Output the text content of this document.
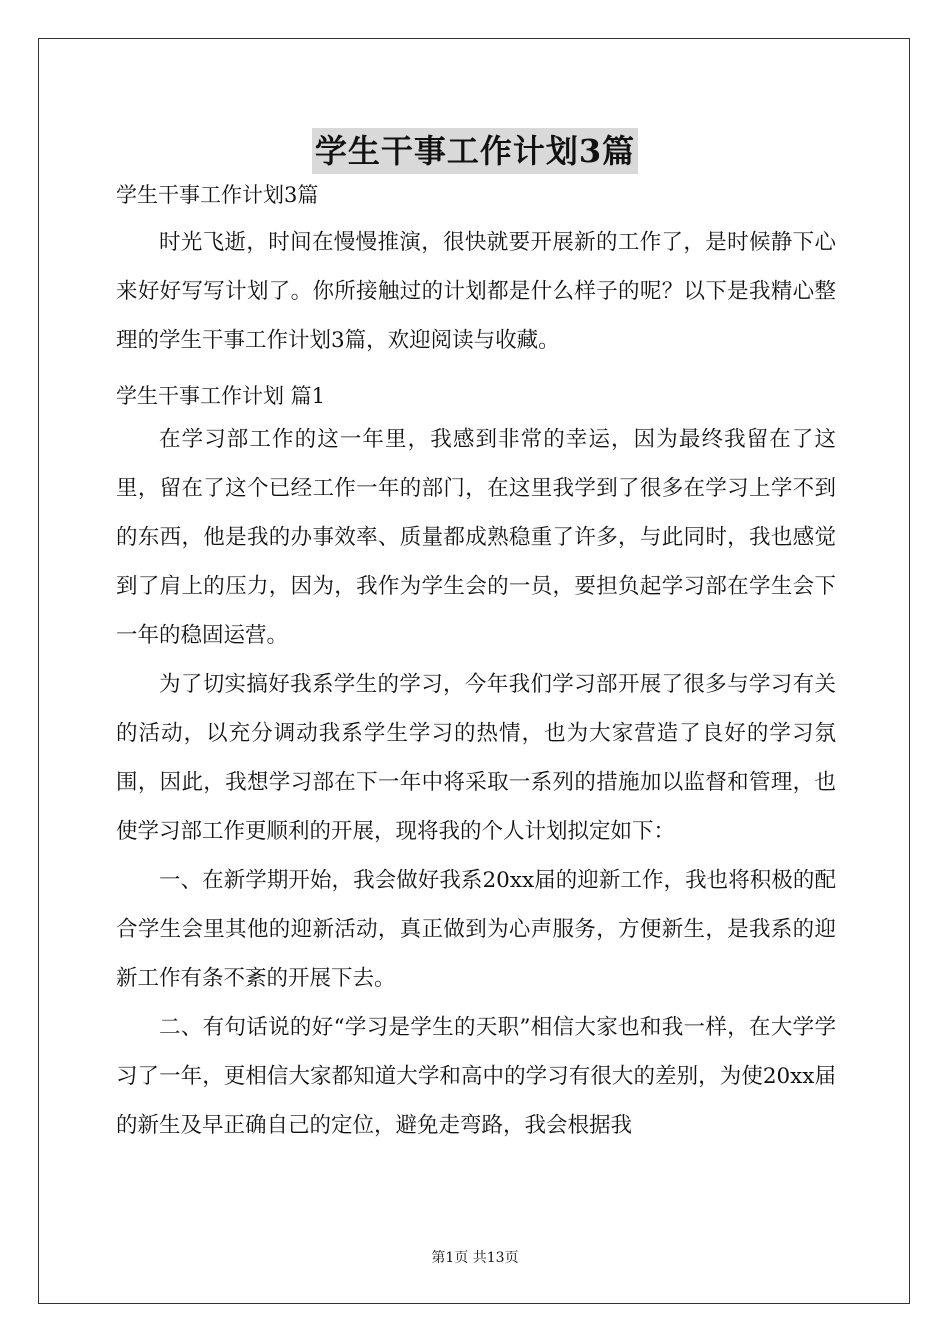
学生干事工作计划3篇

学生干事工作计划3篇

时光飞逝，时间在慢慢推演，很快就要开展新的工作了，是时候静下心来好好写写计划了。你所接触过的计划都是什么样子的呢？以下是我精心整理的学生干事工作计划3篇，欢迎阅读与收藏。

学生干事工作计划 篇1

在学习部工作的这一年里，我感到非常的幸运，因为最终我留在了这里，留在了这个已经工作一年的部门，在这里我学到了很多在学习上学不到的东西，他是我的办事效率、质量都成熟稳重了许多，与此同时，我也感觉到了肩上的压力，因为，我作为学生会的一员，要担负起学习部在学生会下一年的稳固运营。

为了切实搞好我系学生的学习，今年我们学习部开展了很多与学习有关的活动，以充分调动我系学生学习的热情，也为大家营造了良好的学习氛围，因此，我想学习部在下一年中将采取一系列的措施加以监督和管理，也使学习部工作更顺利的开展，现将我的个人计划拟定如下：

一、在新学期开始，我会做好我系20xx届的迎新工作，我也将积极的配合学生会里其他的迎新活动，真正做到为心声服务，方便新生，是我系的迎新工作有条不紊的开展下去。

二、有句话说的好“学习是学生的天职”相信大家也和我一样，在大学学习了一年，更相信大家都知道大学和高中的学习有很大的差别，为使20xx届的新生及早正确自己的定位，避免走弯路，我会根据我

第1页 共13页
